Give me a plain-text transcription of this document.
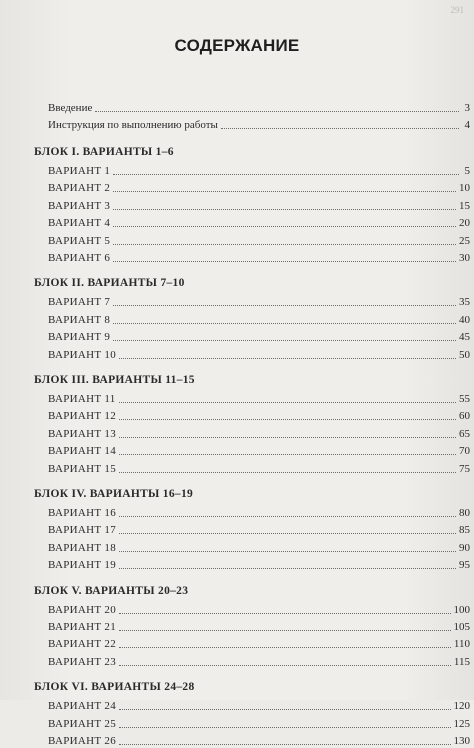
291
СОДЕРЖАНИЕ
Введение	3
Инструкция по выполнению работы	4
БЛОК I. ВАРИАНТЫ 1–6
ВАРИАНТ 1	5
ВАРИАНТ 2	10
ВАРИАНТ 3	15
ВАРИАНТ 4	20
ВАРИАНТ 5	25
ВАРИАНТ 6	30
БЛОК II. ВАРИАНТЫ 7–10
ВАРИАНТ 7	35
ВАРИАНТ 8	40
ВАРИАНТ 9	45
ВАРИАНТ 10	50
БЛОК III. ВАРИАНТЫ 11–15
ВАРИАНТ 11	55
ВАРИАНТ 12	60
ВАРИАНТ 13	65
ВАРИАНТ 14	70
ВАРИАНТ 15	75
БЛОК IV. ВАРИАНТЫ 16–19
ВАРИАНТ 16	80
ВАРИАНТ 17	85
ВАРИАНТ 18	90
ВАРИАНТ 19	95
БЛОК V. ВАРИАНТЫ 20–23
ВАРИАНТ 20	100
ВАРИАНТ 21	105
ВАРИАНТ 22	110
ВАРИАНТ 23	115
БЛОК VI. ВАРИАНТЫ 24–28
ВАРИАНТ 24	120
ВАРИАНТ 25	125
ВАРИАНТ 26	130
